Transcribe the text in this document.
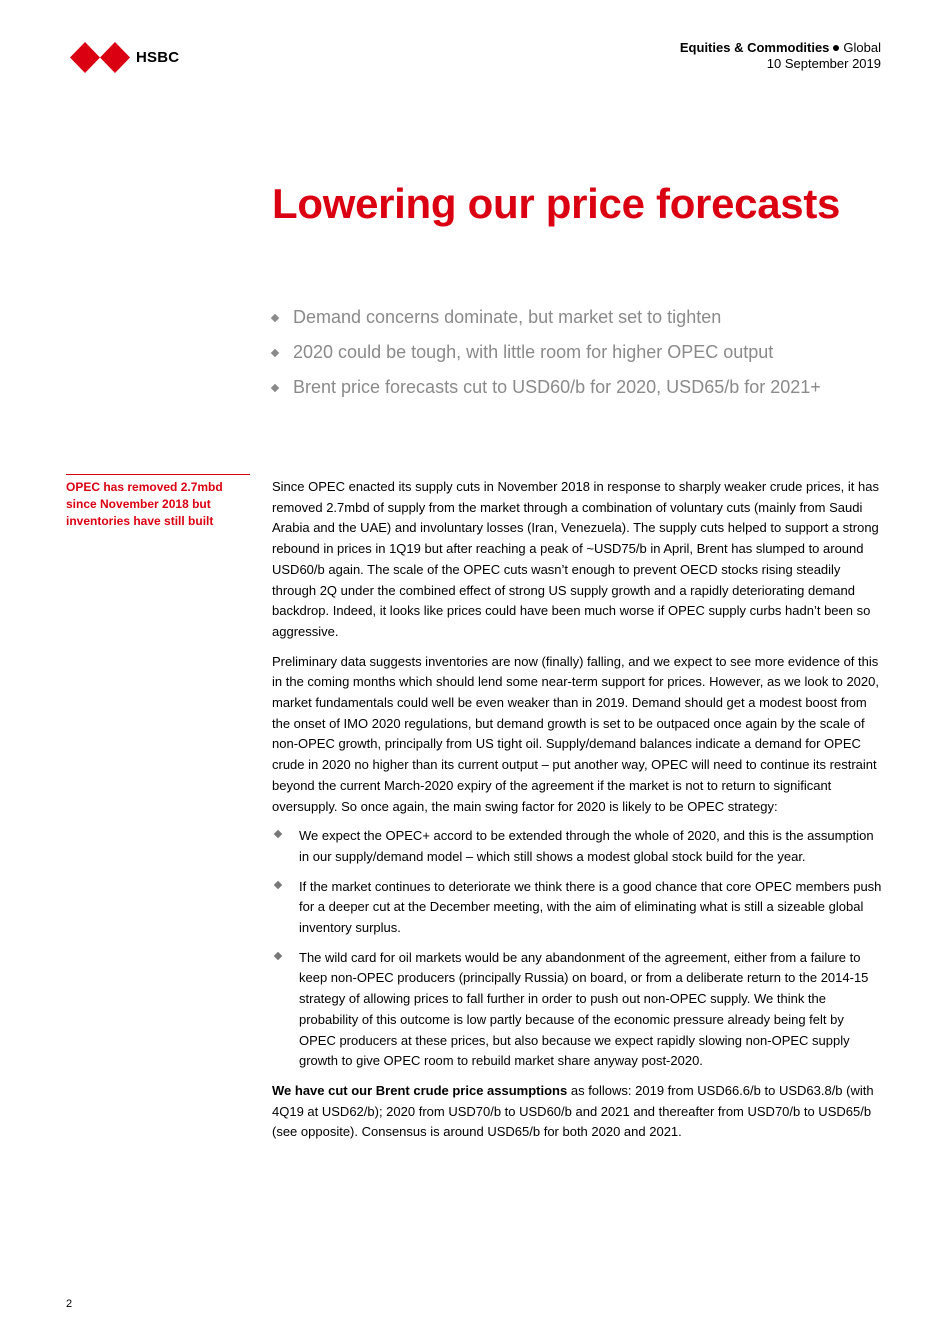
HSBC
Equities & Commodities Global
10 September 2019
Lowering our price forecasts
Demand concerns dominate, but market set to tighten
2020 could be tough, with little room for higher OPEC output
Brent price forecasts cut to USD60/b for 2020, USD65/b for 2021+

OPEC has removed 2.7mbd since November 2018 but inventories have still built

Since OPEC enacted its supply cuts in November 2018 in response to sharply weaker crude prices, it has removed 2.7mbd of supply from the market through a combination of voluntary cuts (mainly from Saudi Arabia and the UAE) and involuntary losses (Iran, Venezuela). The supply cuts helped to support a strong rebound in prices in 1Q19 but after reaching a peak of ~USD75/b in April, Brent has slumped to around USD60/b again. The scale of the OPEC cuts wasn’t enough to prevent OECD stocks rising steadily through 2Q under the combined effect of strong US supply growth and a rapidly deteriorating demand backdrop. Indeed, it looks like prices could have been much worse if OPEC supply curbs hadn’t been so aggressive.

Preliminary data suggests inventories are now (finally) falling, and we expect to see more evidence of this in the coming months which should lend some near-term support for prices. However, as we look to 2020, market fundamentals could well be even weaker than in 2019. Demand should get a modest boost from the onset of IMO 2020 regulations, but demand growth is set to be outpaced once again by the scale of non-OPEC growth, principally from US tight oil. Supply/demand balances indicate a demand for OPEC crude in 2020 no higher than its current output – put another way, OPEC will need to continue its restraint beyond the current March-2020 expiry of the agreement if the market is not to return to significant oversupply. So once again, the main swing factor for 2020 is likely to be OPEC strategy:

We expect the OPEC+ accord to be extended through the whole of 2020, and this is the assumption in our supply/demand model – which still shows a modest global stock build for the year.
If the market continues to deteriorate we think there is a good chance that core OPEC members push for a deeper cut at the December meeting, with the aim of eliminating what is still a sizeable global inventory surplus.
The wild card for oil markets would be any abandonment of the agreement, either from a failure to keep non-OPEC producers (principally Russia) on board, or from a deliberate return to the 2014-15 strategy of allowing prices to fall further in order to push out non-OPEC supply. We think the probability of this outcome is low partly because of the economic pressure already being felt by OPEC producers at these prices, but also because we expect rapidly slowing non-OPEC supply growth to give OPEC room to rebuild market share anyway post-2020.

We have cut our Brent crude price assumptions as follows: 2019 from USD66.6/b to USD63.8/b (with 4Q19 at USD62/b); 2020 from USD70/b to USD60/b and 2021 and thereafter from USD70/b to USD65/b (see opposite). Consensus is around USD65/b for both 2020 and 2021.

2
